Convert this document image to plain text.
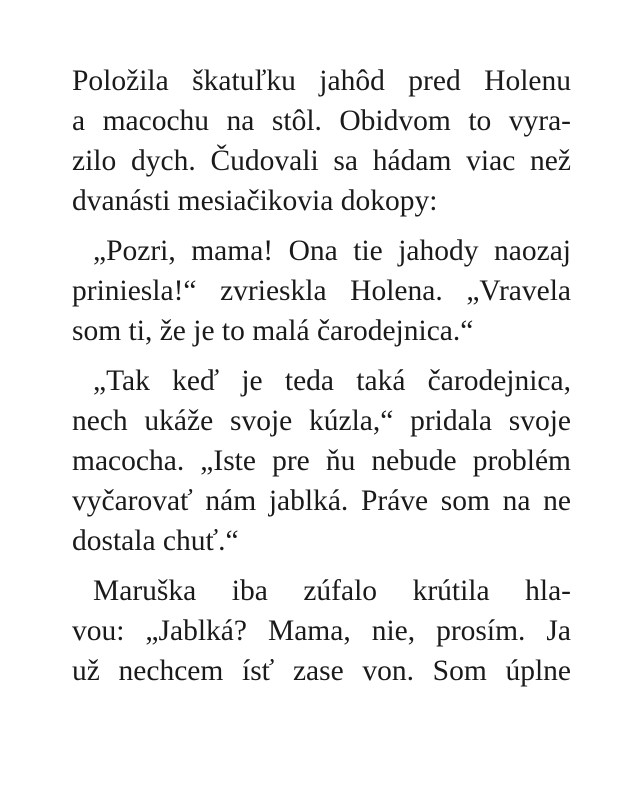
Položila škatuľku jahôd pred Holenu

a macochu na stôl. Obidvom to vyra-

zilo dych. Čudovali sa hádam viac než

dvanásti mesiačikovia dokopy:

„Pozri, mama! Ona tie jahody naozaj

priniesla!“ zvrieskla Holena. „Vravela

som ti, že je to malá čarodejnica.“

„Tak keď je teda taká čarodejnica,

nech ukáže svoje kúzla,“ pridala svoje

macocha. „Iste pre ňu nebude problém

vyčarovať nám jablká. Práve som na ne

dostala chuť.“

Maruška iba zúfalo krútila hla-

vou: „Jablká? Mama, nie, prosím. Ja

už nechcem ísť zase von. Som úplne
